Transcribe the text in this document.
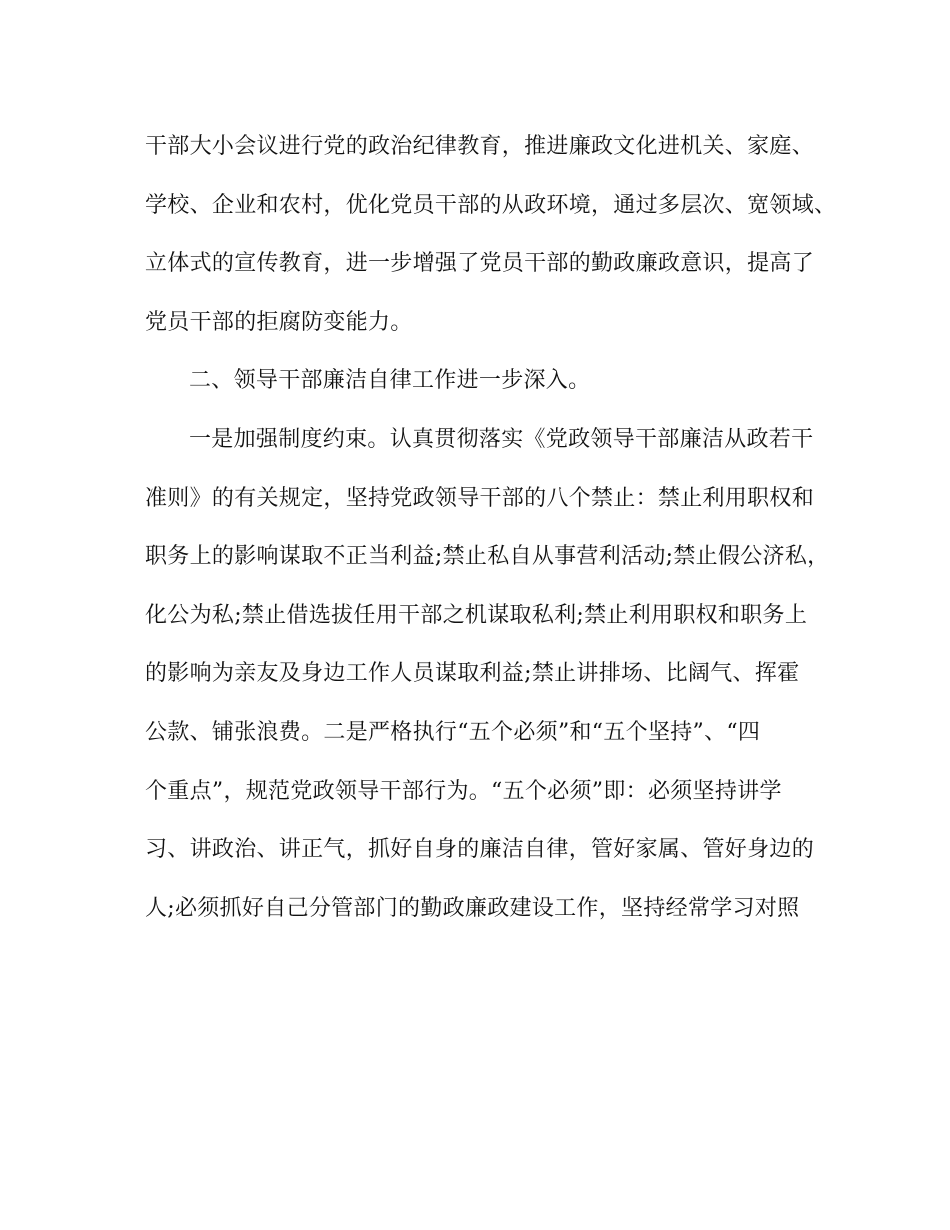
干部大小会议进行党的政治纪律教育，推进廉政文化进机关、家庭、
学校、企业和农村，优化党员干部的从政环境，通过多层次、宽领域、
立体式的宣传教育，进一步增强了党员干部的勤政廉政意识，提高了
党员干部的拒腐防变能力。
二、领导干部廉洁自律工作进一步深入。
一是加强制度约束。认真贯彻落实《党政领导干部廉洁从政若干
准则》的有关规定，坚持党政领导干部的八个禁止：禁止利用职权和
职务上的影响谋取不正当利益;禁止私自从事营利活动;禁止假公济私，
化公为私;禁止借选拔任用干部之机谋取私利;禁止利用职权和职务上
的影响为亲友及身边工作人员谋取利益;禁止讲排场、比阔气、挥霍
公款、铺张浪费。二是严格执行“五个必须”和“五个坚持”、“四
个重点”，规范党政领导干部行为。“五个必须”即：必须坚持讲学
习、讲政治、讲正气，抓好自身的廉洁自律，管好家属、管好身边的
人;必须抓好自己分管部门的勤政廉政建设工作，坚持经常学习对照
